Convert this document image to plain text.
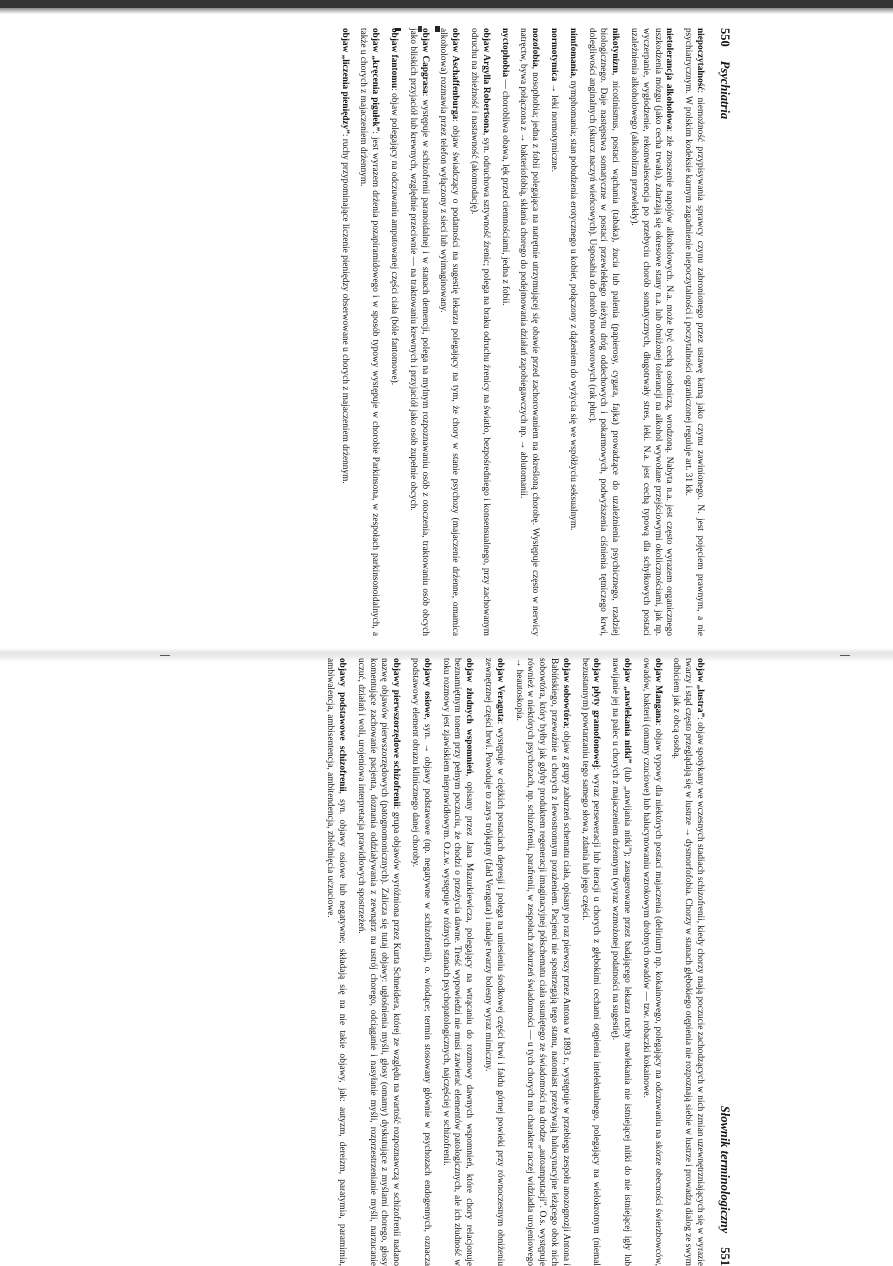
550
Psychiatria

niepoczytalność: niemożność przypisywania sprawcy czynu zabronionego przez ustawę karną jako czynu zawinionego. N. jest pojęciem prawnym, a nie psychiatrycznym. W polskim kodeksie karnym zagadnienie niepoczytalności i poczytalności ograniczonej reguluje art. 31 kk.

nietolerancja alkoholowa: złe znoszenie napojów alkoholowych. N.a. może być cechą osobniczą, wrodzoną. Nabyta n.a. jest często wyrazem organicznego uszkodzenia mózgu (jako cecha trwała), zdarzają się okresowe stany n.a. lub obniżonej tolerancji na alkohol wywołane przejściowymi okolicznościami, jak np. wyczerpanie, wygłodzenie, rekonwalescencja po przebyciu chorób somatycznych, długotrwały stres, leki. N.a. jest cechą typową dla schyłkowych postaci uzależnienia alkoholowego (alkoholizm przewlekły).

nikotynizm, nicotinismus, postaci wąchania (tabaka), żucia lub palenia (papierosy, cygara, fajka) prowadzące do uzależnienia psychicznego, rzadziej biologicznego. Daje następstwa somatyczne w postaci przewlekłego nieżytu dróg oddechowych i pokarmowych, podwyższenia ciśnienia tętniczego krwi, dolegliwości anginalnych (skurcz naczyń wieńcowych). Usposabia do chorób nowotworowych (rak płuc).

nimfomania, nymphomania; stan pobudzenia erotycznego u kobiet, połączony z dążeniem do wyżycia się we współżyciu seksualnym.

normotymica → leki normotymiczne.

nozofobia, nosophobia; jedna z fobii polegająca na natrętnie utrzymującej się obawie przed zachorowaniem na określoną chorobę. Występuje często w nerwicy natręctw, bywa połączona z → bakteriofobią, skłania chorego do podejmowania działań zapobiegawczych np. → ablutomanii.

nyctophobia — chorobliwa obawa, lęk przed ciemnościami, jedna z fobii.

objaw Argylla Robertsona, syn. odruchowa sztywność źrenic; polega na braku odruchu źrenicy na światło, bezpośredniego i konsensualnego, przy zachowanym odruchu na zbieżność i nastawność (akomodację).

objaw Aschaffenburga: objaw świadczący o podatności na sugestię lekarza polegający na tym, że chory w stanie psychozy (majaczenie drżenne, omamica alkoholowa) rozmawia przez telefon wyłączony z sieci lub wyimaginowany.

objaw Capgrasa: występuje w schizofrenii paranoidalnej i w stanach demencji, polega na mylnym rozpoznawaniu osób z otoczenia, traktowaniu osób obcych jako bliskich przyjaciół lub krewnych, względnie przeciwnie — na traktowaniu krewnych i przyjaciół jako osób zupełnie obcych.

objaw fantomu: objaw polegający na odczuwaniu amputowanej części ciała (bóle fantomowe).

objaw „kręcenia pigułek”: jest wyrazem drżenia pozapiramidowego i w sposób typowy występuje w chorobie Parkinsona, w zespołach parkinsonoidalnych, a także u chorych z majaczeniem drżennym.

objaw „liczenia pieniędzy”: ruchy przypominające liczenie pieniędzy obserwowane u chorych z majaczeniem drżennym.

Słownik terminologiczny
551

objaw „lustra”: objaw spotykany we wczesnych stadiach schizofrenii, kiedy chorzy mają poczucie zachodzących w nich zmian uzewnętrzniających się w wyrazie twarzy i stąd często przeglądają się w lustrze → dysmorfofobia. Chorzy w stanach głębokiego otępienia nie rozpoznają siebie w lustrze i prowadzą dialog ze swym odbiciem jak z obcą osobą.

objaw Mangana: objaw typowy dla niektórych postaci majaczenia (delirium) np. kokainowego, polegający na odczuwaniu na skórze obecności świerzbowców, owadów, bakterii (omamy czuciowe) lub halucynowaniu wzrokowym drobnych owadów — tzw. robaczki kokainowe.

objaw „nawlekania nitki” (lub „nawijania nitki”); zasugerowane przez badającego lekarza ruchy nawlekania nie istniejącej nitki do nie istniejącej igły lub nawijanie jej na palec u chorych z majaczeniem drżennym (wyraz wzmożonej podatności na sugestię).

objaw płyty gramofonowej: wyraz perseweracji lub iteracji u chorych z głębokimi cechami otępienia intelektualnego, polegający na wielokrotnym (niemal bezustannym) powtarzaniu tego samego słowa, zdania lub jego części.

objaw sobowtóra; objaw z grupy zaburzeń schematu ciała, opisany po raz pierwszy przez Antona w 1893 r., występuje w przebiegu zespołu anozognozji Antona i Babińskiego, przeważnie u chorych z lewostronnym porażeniem. Pacjenci nie spostrzegają tego stanu, natomiast przeżywają halucynacyjne leżącego obok nich sobowtóra, który byłby jak gdyby produktem regeneracji imaginacyjnej półschematu ciała usuniętego ze świadomości na drodze „autoamputacji”. O.s. występuje również w niektórych psychozach, np. schizofrenii, parafrenii, w zespołach zaburzeń świadomości — u tych chorych ma charakter raczej widziadła urojeniowego → heautoskopia.

objaw Veraguta: występuje w ciężkich postaciach depresji i polega na uniesieniu środkowej części brwi i fałdu górnej powieki przy równoczesnym obniżeniu zewnętrznej części brwi. Powoduje to zarys trójkątny (fałd Veraguta) i nadaje twarzy bolesny wyraz mimiczny.

objaw złudnych wspomnień, opisany przez Jana Mazurkiewicza, polegający na wtrącaniu do rozmowy dawnych wspomnień, które chory relacjonuje beznamiętnym tonem przy pełnym poczuciu, że chodzi o przeżycia dawne. Treść wypowiedzi nie musi zawierać elementów patologicznych, ale ich złudność w toku rozmowy jest zjawiskiem nieprawidłowym. O.z.w. występuje w różnych stanach psychopatologicznych, najczęściej w schizofrenii.

objawy osiowe, syn. → objawy podstawowe (np. negatywne w schizofrenii), o. wiodące; termin stosowany głównie w psychozach endogennych, oznacza podstawowy element obrazu klinicznego danej choroby.

objawy pierwszorzędowe schizofrenii: grupa objawów wyróżniona przez Kurta Schneidera, której ze względu na wartość rozpoznawczą w schizofrenii nadano nazwę objawów pierwszorzędowych (patognomonicznych). Zalicza się tutaj objawy: ugłośnienia myśli, głosy (omamy) dyskutujące z myślami chorego, głosy komentujące zachowanie pacjenta, doznania oddziaływania z zewnątrz na ustrój chorego, odciąganie i nasyłanie myśli, rozprzestrzenianie myśli, narzucanie uczuć, działań i woli, urojeniowa interpretacja prawidłowych spostrzeżeń.

objawy podstawowe schizofrenii, syn. objawy osiowe lub negatywne; składają się na nie takie objawy, jak: autyzm, dereizm, paratymia, paramimia, ambiwalencja, ambisentencja, ambitendencja, zblednięcia uczuciowe.
